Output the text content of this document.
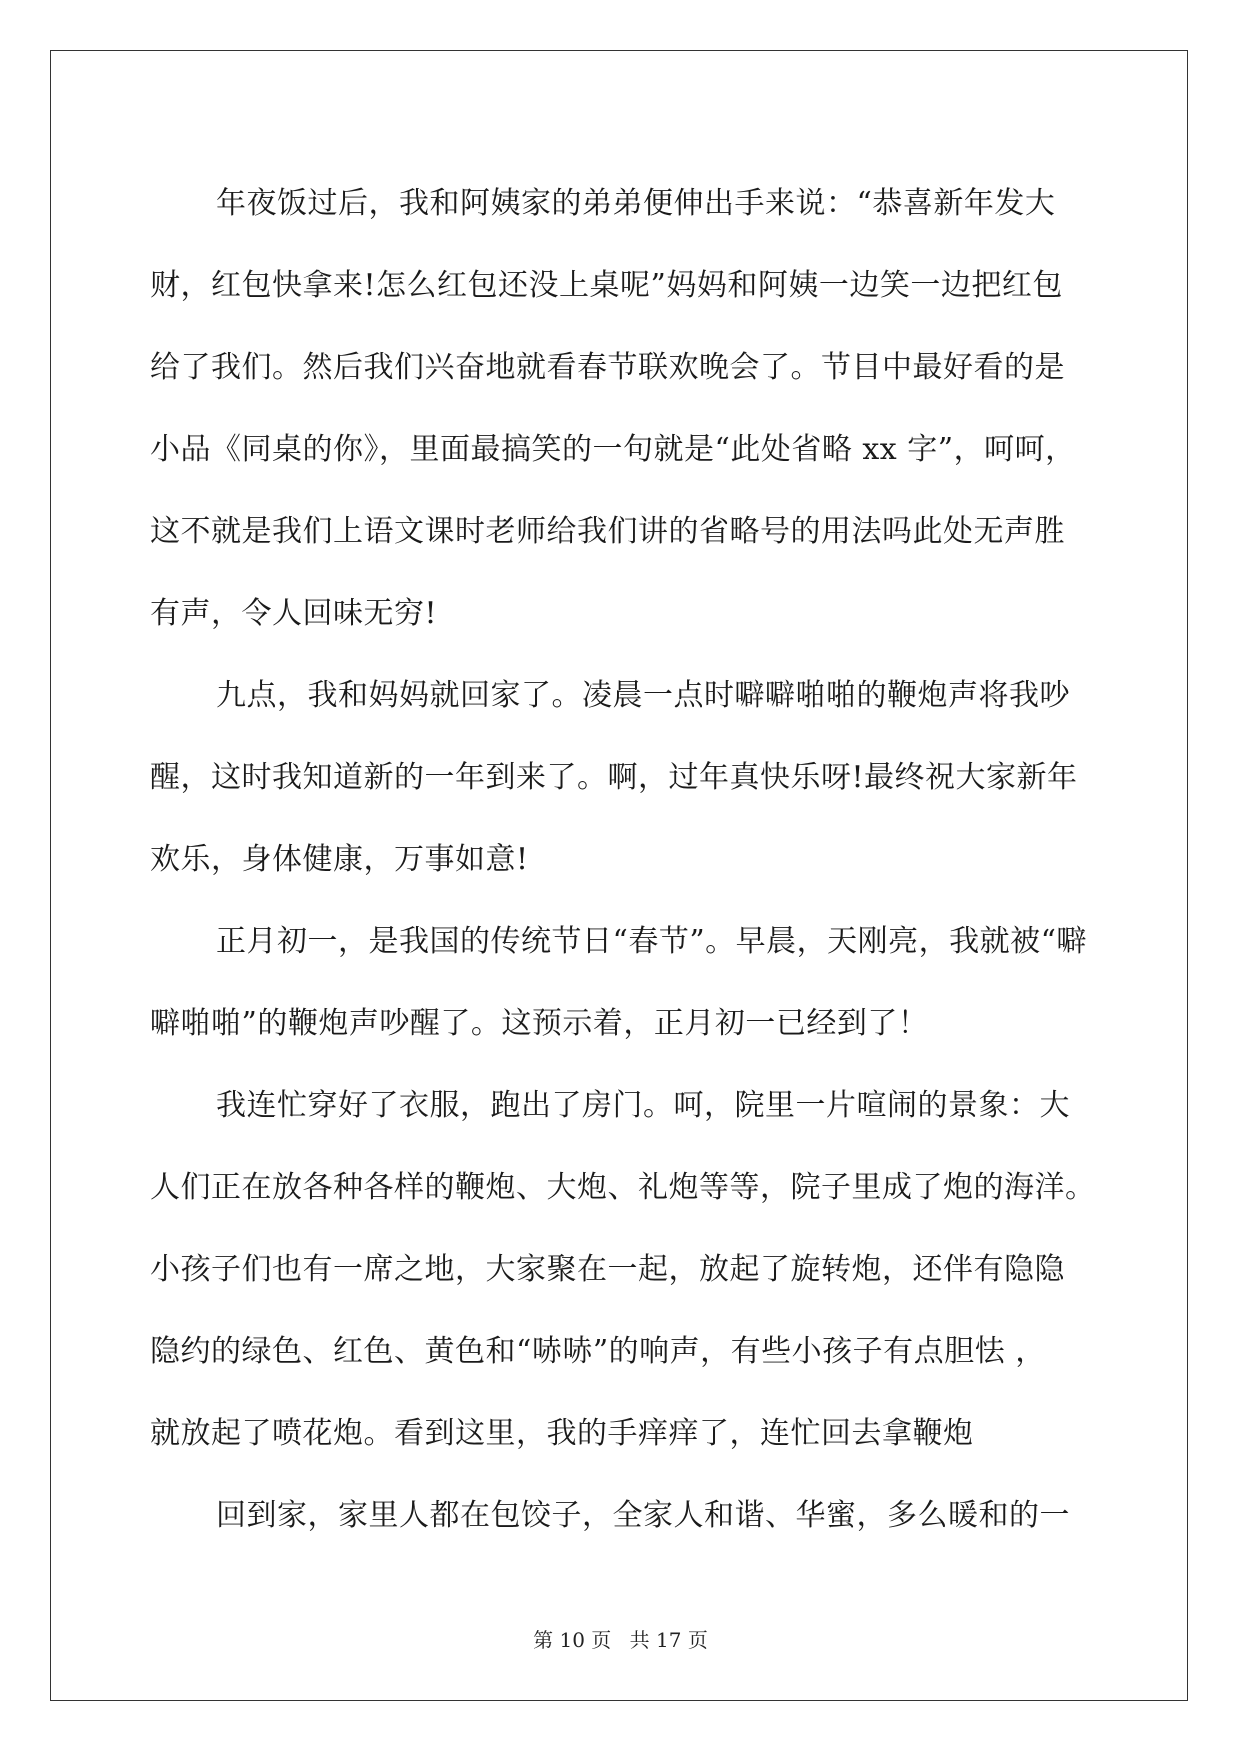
年夜饭过后，我和阿姨家的弟弟便伸出手来说：“恭喜新年发大
财，红包快拿来!怎么红包还没上桌呢”妈妈和阿姨一边笑一边把红包
给了我们。然后我们兴奋地就看春节联欢晚会了。节目中最好看的是
小品《同桌的你》，里面最搞笑的一句就是“此处省略 xx 字”，呵呵，
这不就是我们上语文课时老师给我们讲的省略号的用法吗此处无声胜
有声，令人回味无穷!
九点，我和妈妈就回家了。凌晨一点时噼噼啪啪的鞭炮声将我吵
醒，这时我知道新的一年到来了。啊，过年真快乐呀!最终祝大家新年
欢乐，身体健康，万事如意!
正月初一，是我国的传统节日“春节”。早晨，天刚亮，我就被“噼
噼啪啪”的鞭炮声吵醒了。这预示着，正月初一已经到了！
我连忙穿好了衣服，跑出了房门。呵，院里一片喧闹的景象：大
人们正在放各种各样的鞭炮、大炮、礼炮等等，院子里成了炮的海洋。
小孩子们也有一席之地，大家聚在一起，放起了旋转炮，还伴有隐隐
隐约的绿色、红色、黄色和“哧哧”的响声，有些小孩子有点胆怯 ，
就放起了喷花炮。看到这里，我的手痒痒了，连忙回去拿鞭炮
回到家，家里人都在包饺子，全家人和谐、华蜜，多么暖和的一
第 10 页 共 17 页
